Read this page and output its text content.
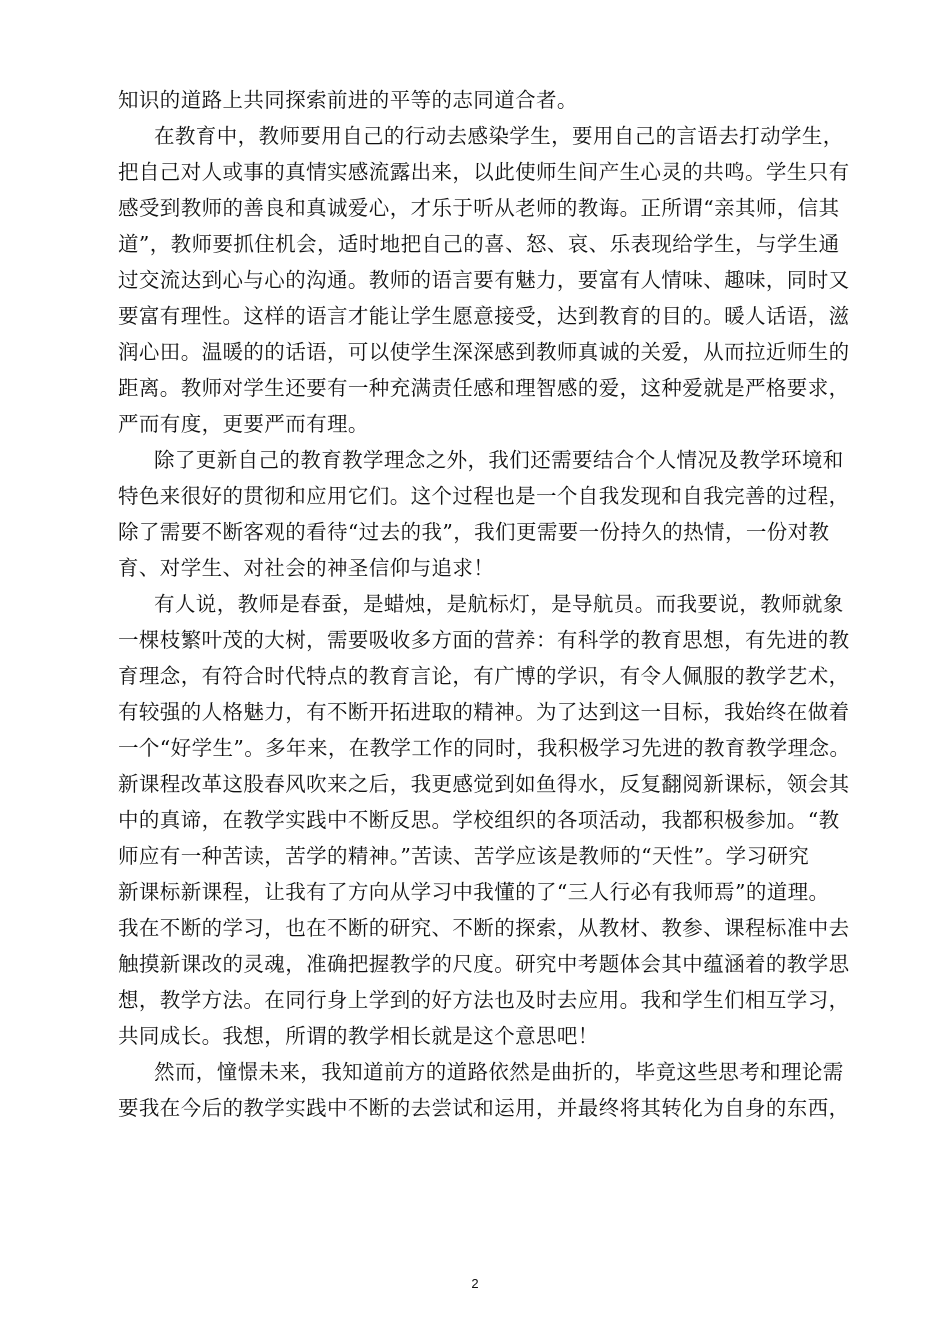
知识的道路上共同探索前进的平等的志同道合者。
在教育中，教师要用自己的行动去感染学生，要用自己的言语去打动学生，
把自己对人或事的真情实感流露出来，以此使师生间产生心灵的共鸣。学生只有
感受到教师的善良和真诚爱心，才乐于听从老师的教诲。正所谓“亲其师，信其
道”，教师要抓住机会，适时地把自己的喜、怒、哀、乐表现给学生，与学生通
过交流达到心与心的沟通。教师的语言要有魅力，要富有人情味、趣味，同时又
要富有理性。这样的语言才能让学生愿意接受，达到教育的目的。暖人话语，滋
润心田。温暖的的话语，可以使学生深深感到教师真诚的关爱，从而拉近师生的
距离。教师对学生还要有一种充满责任感和理智感的爱，这种爱就是严格要求，
严而有度，更要严而有理。
除了更新自己的教育教学理念之外，我们还需要结合个人情况及教学环境和
特色来很好的贯彻和应用它们。这个过程也是一个自我发现和自我完善的过程，
除了需要不断客观的看待“过去的我”，我们更需要一份持久的热情，一份对教
育、对学生、对社会的神圣信仰与追求！
有人说，教师是春蚕，是蜡烛，是航标灯，是导航员。而我要说，教师就象
一棵枝繁叶茂的大树，需要吸收多方面的营养：有科学的教育思想，有先进的教
育理念，有符合时代特点的教育言论，有广博的学识，有令人佩服的教学艺术，
有较强的人格魅力，有不断开拓进取的精神。为了达到这一目标，我始终在做着
一个“好学生”。多年来，在教学工作的同时，我积极学习先进的教育教学理念。
新课程改革这股春风吹来之后，我更感觉到如鱼得水，反复翻阅新课标，领会其
中的真谛，在教学实践中不断反思。学校组织的各项活动，我都积极参加。“教
师应有一种苦读，苦学的精神。”苦读、苦学应该是教师的“天性”。学习研究
新课标新课程，让我有了方向从学习中我懂的了“三人行必有我师焉”的道理。
我在不断的学习，也在不断的研究、不断的探索，从教材、教参、课程标准中去
触摸新课改的灵魂，准确把握教学的尺度。研究中考题体会其中蕴涵着的教学思
想，教学方法。在同行身上学到的好方法也及时去应用。我和学生们相互学习，
共同成长。我想，所谓的教学相长就是这个意思吧！
然而，憧憬未来，我知道前方的道路依然是曲折的，毕竟这些思考和理论需
要我在今后的教学实践中不断的去尝试和运用，并最终将其转化为自身的东西，
2
